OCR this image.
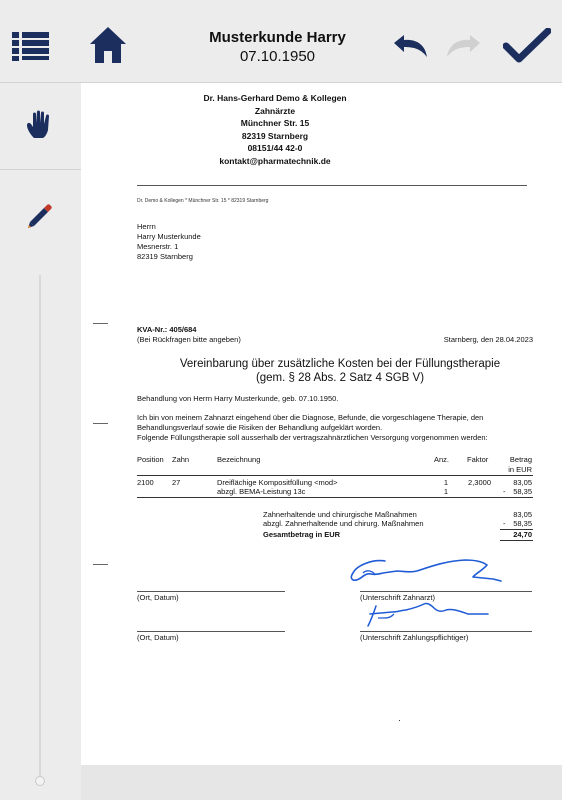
Musterkunde Harry
07.10.1950
Dr. Hans-Gerhard Demo & Kollegen
Zahnärzte
Münchner Str. 15
82319 Starnberg
08151/44 42-0
kontakt@pharmatechnik.de
Dr. Demo & Kollegen * Münchner Str. 15 * 82319 Starnberg
Herrn
Harry Musterkunde
Mesnerstr. 1
82319 Starnberg
KVA-Nr.: 405/684
(Bei Rückfragen bitte angeben)	Starnberg, den 28.04.2023
Vereinbarung über zusätzliche Kosten bei der Füllungstherapie
(gem. § 28 Abs. 2 Satz 4 SGB V)
Behandlung von Herrn Harry Musterkunde, geb. 07.10.1950.
Ich bin von meinem Zahnarzt eingehend über die Diagnose, Befunde, die vorgeschlagene Therapie, den
Behandlungsverlauf sowie die Risiken der Behandlung aufgeklärt worden.
Folgende Füllungstherapie soll ausserhalb der vertragszahnärztlichen Versorgung vorgenommen werden:
Position Zahn	Bezeichnung	Anz. Faktor	Betrag
in EUR
2100 27	Dreiflächige Kompositfüllung <mod>	1	2,3000	83,05
abzgl. BEMA-Leistung 13c	1	-	58,35
Zahnerhaltende und chirurgische Maßnahmen	83,05
abzgl. Zahnerhaltende und chirurg. Maßnahmen	-	58,35
Gesamtbetrag in EUR	24,70
(Ort, Datum)	(Unterschrift Zahnarzt)
(Ort, Datum)	(Unterschrift Zahlungspflichtiger)
